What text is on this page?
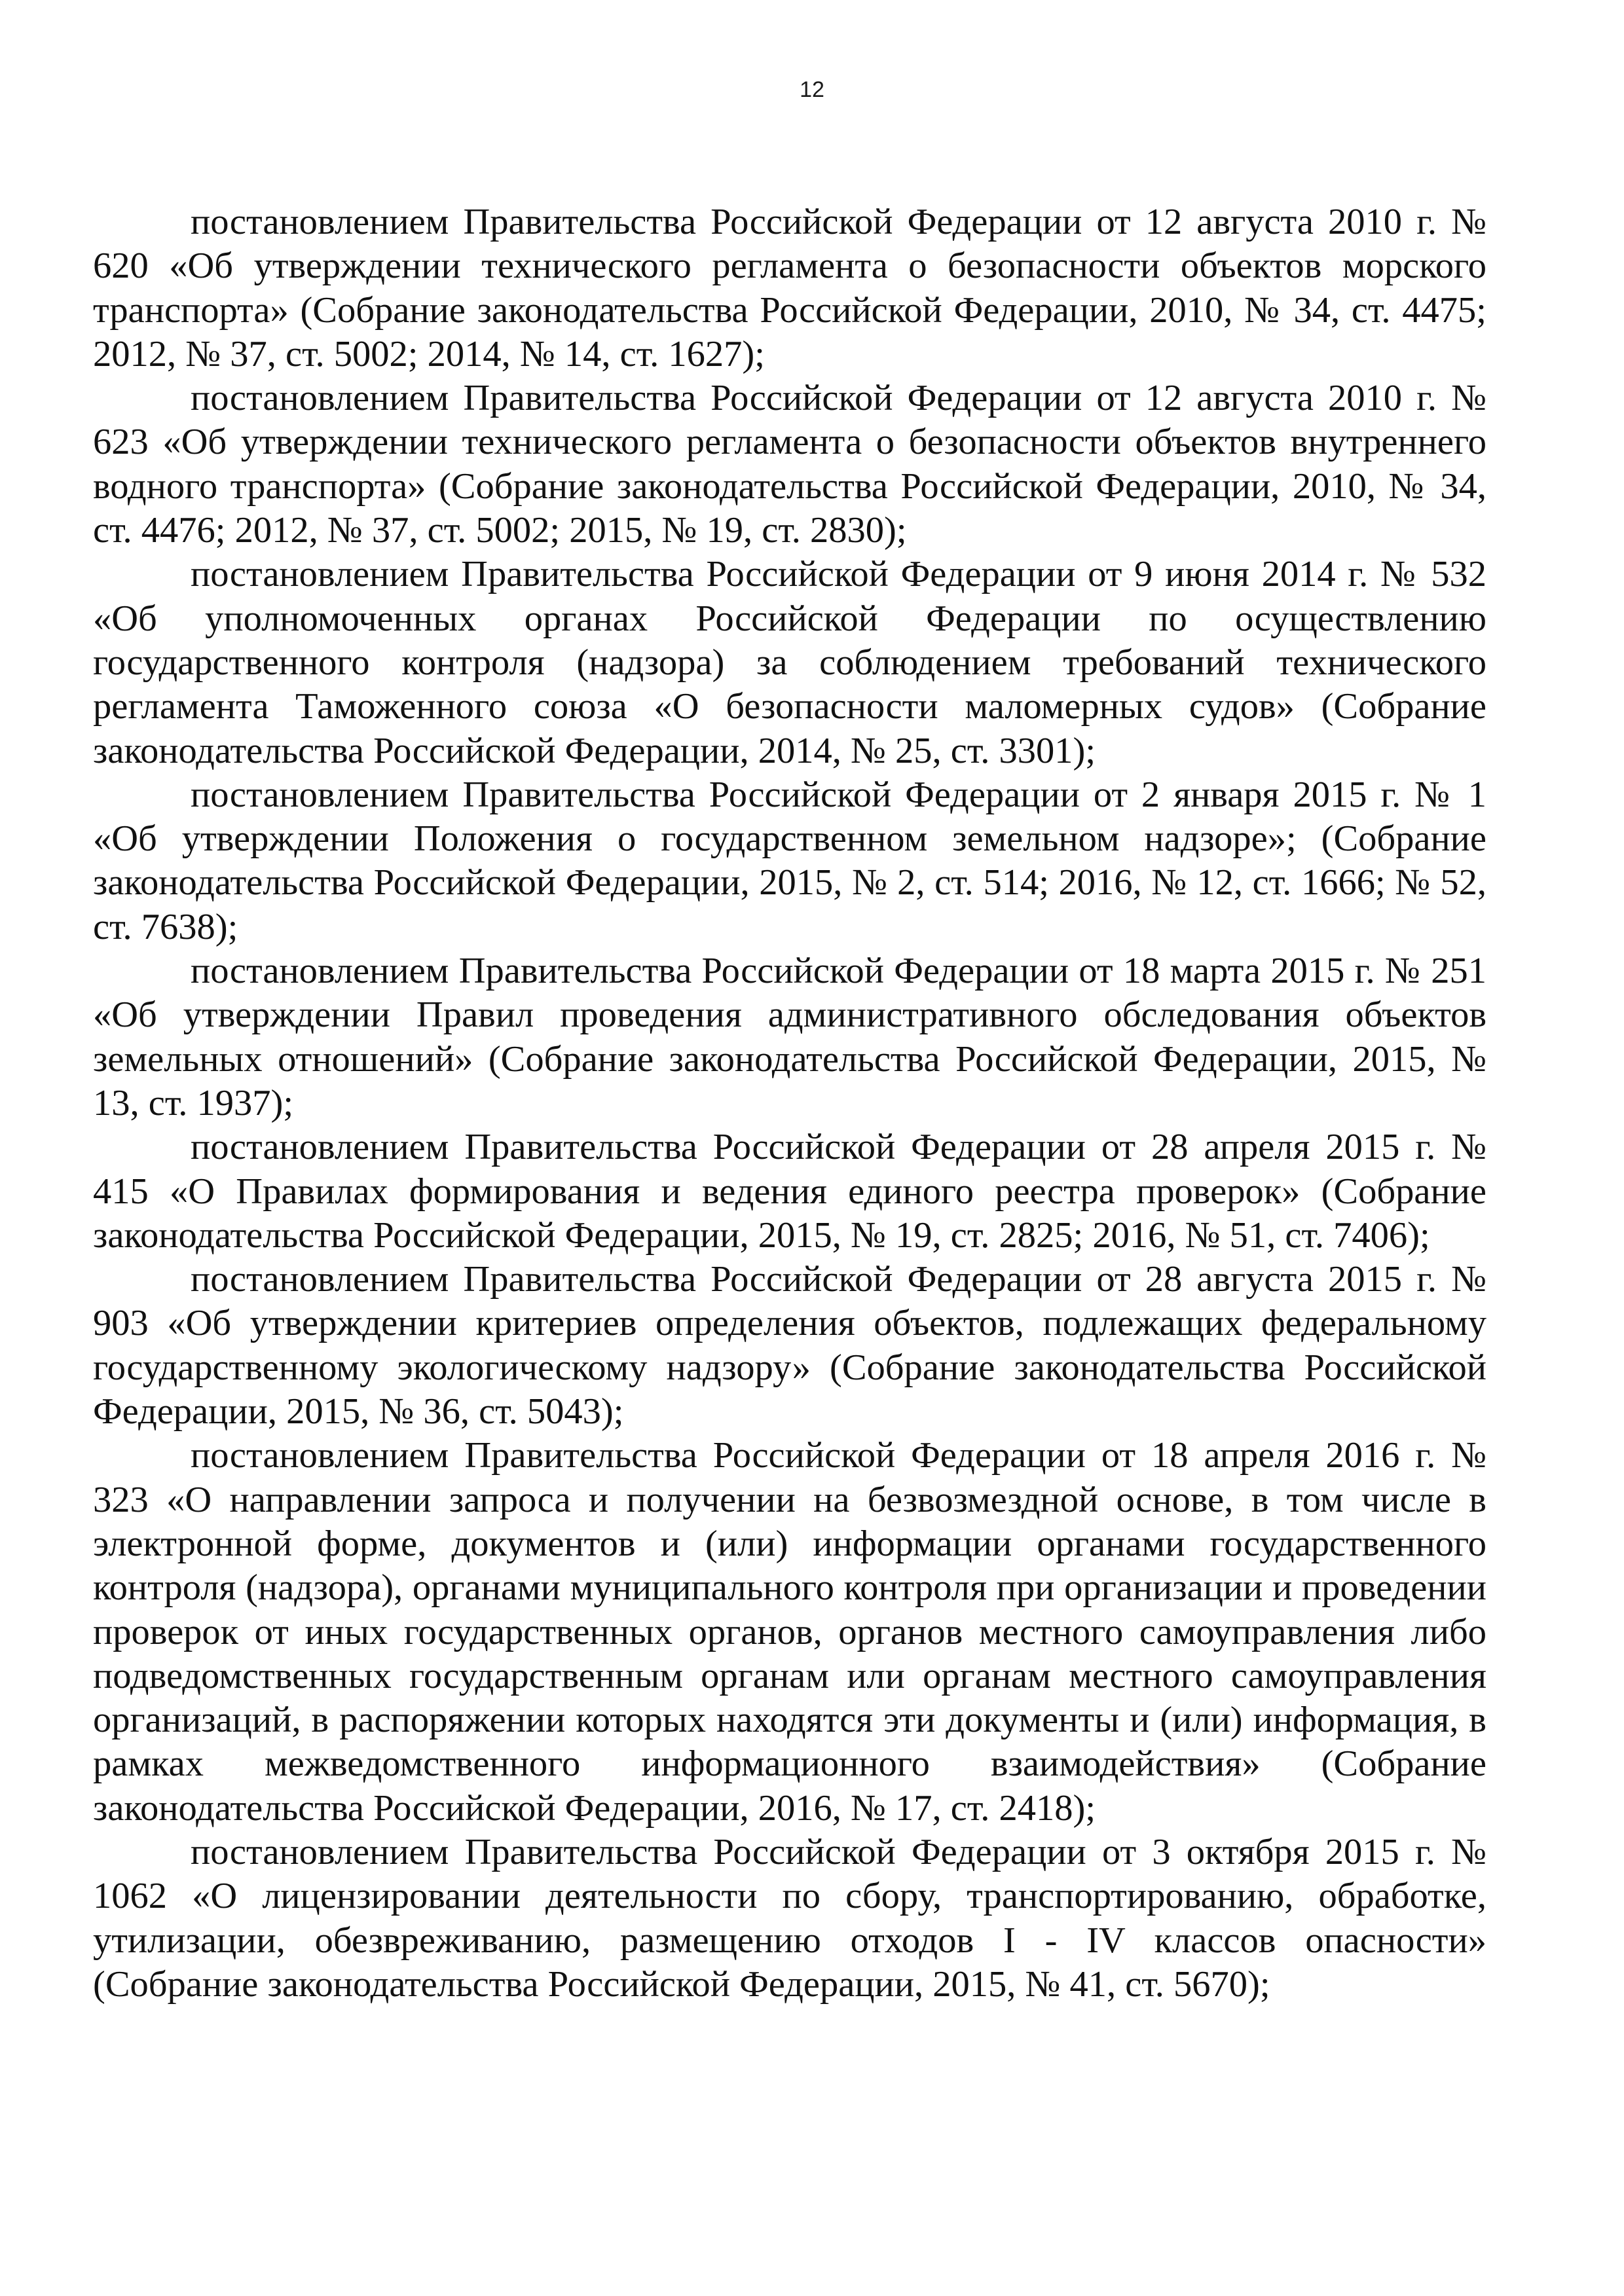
12

постановлением Правительства Российской Федерации от 12 августа 2010 г. № 620 «Об утверждении технического регламента о безопасности объектов морского транспорта» (Собрание законодательства Российской Федерации, 2010, № 34, ст. 4475; 2012, № 37, ст. 5002; 2014, № 14, ст. 1627);

постановлением Правительства Российской Федерации от 12 августа 2010 г. № 623 «Об утверждении технического регламента о безопасности объектов внутреннего водного транспорта» (Собрание законодательства Российской Федерации, 2010, № 34, ст. 4476; 2012, № 37, ст. 5002; 2015, № 19, ст. 2830);

постановлением Правительства Российской Федерации от 9 июня 2014 г. № 532 «Об уполномоченных органах Российской Федерации по осуществлению государственного контроля (надзора) за соблюдением требований технического регламента Таможенного союза «О безопасности маломерных судов» (Собрание законодательства Российской Федерации, 2014, № 25, ст. 3301);

постановлением Правительства Российской Федерации от 2 января 2015 г. № 1 «Об утверждении Положения о государственном земельном надзоре»; (Собрание законодательства Российской Федерации, 2015, № 2, ст. 514; 2016, № 12, ст. 1666; № 52, ст. 7638);

постановлением Правительства Российской Федерации от 18 марта 2015 г. № 251 «Об утверждении Правил проведения административного обследования объектов земельных отношений» (Собрание законодательства Российской Федерации, 2015, № 13, ст. 1937);

постановлением Правительства Российской Федерации от 28 апреля 2015 г. № 415 «О Правилах формирования и ведения единого реестра проверок» (Собрание законодательства Российской Федерации, 2015, № 19, ст. 2825; 2016, № 51, ст. 7406);

постановлением Правительства Российской Федерации от 28 августа 2015 г. № 903 «Об утверждении критериев определения объектов, подлежащих федеральному государственному экологическому надзору» (Собрание законодательства Российской Федерации, 2015, № 36, ст. 5043);

постановлением Правительства Российской Федерации от 18 апреля 2016 г. № 323 «О направлении запроса и получении на безвозмездной основе, в том числе в электронной форме, документов и (или) информации органами государственного контроля (надзора), органами муниципального контроля при организации и проведении проверок от иных государственных органов, органов местного самоуправления либо подведомственных государственным органам или органам местного самоуправления организаций, в распоряжении которых находятся эти документы и (или) информация, в рамках межведомственного информационного взаимодействия» (Собрание законодательства Российской Федерации, 2016, № 17, ст. 2418);

постановлением Правительства Российской Федерации от 3 октября 2015 г. № 1062 «О лицензировании деятельности по сбору, транспортированию, обработке, утилизации, обезвреживанию, размещению отходов I - IV классов опасности» (Собрание законодательства Российской Федерации, 2015, № 41, ст. 5670);
